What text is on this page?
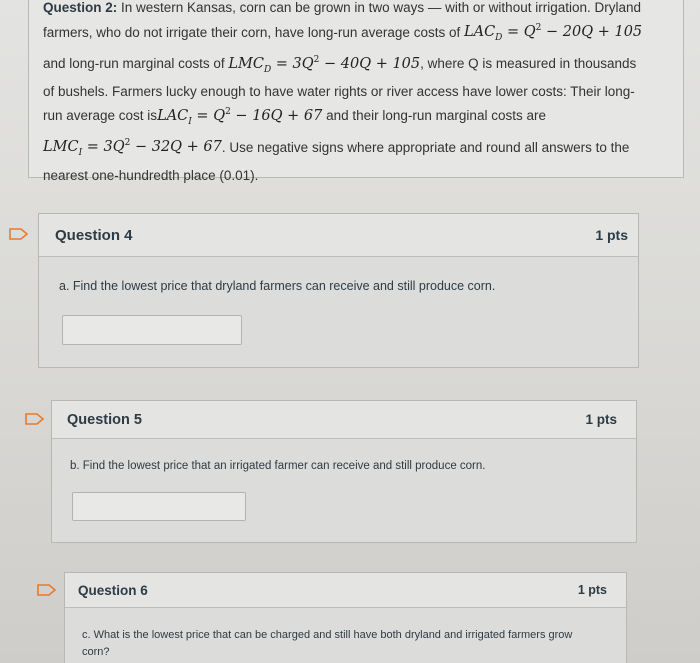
Question 2: In western Kansas, corn can be grown in two ways — with or without irrigation. Dryland
farmers, who do not irrigate their corn, have long-run average costs of $LAC_D = Q^2 - 20Q + 105$
and long-run marginal costs of $LMC_D = 3Q^2 - 40Q + 105$, where Q is measured in thousands
of bushels. Farmers lucky enough to have water rights or river access have lower costs: Their long-
run average cost isLAC$_I$ = $Q^2 - 16Q + 67$ and their long-run marginal costs are
$LMC_I = 3Q^2 - 32Q + 67$. Use negative signs where appropriate and round all answers to the
nearest one-hundredth place (0.01).
Question 4	1 pts
a. Find the lowest price that dryland farmers can receive and still produce corn.
Question 5	1 pts
b. Find the lowest price that an irrigated farmer can receive and still produce corn.
Question 6	1 pts
c. What is the lowest price that can be charged and still have both dryland and irrigated farmers grow corn?
